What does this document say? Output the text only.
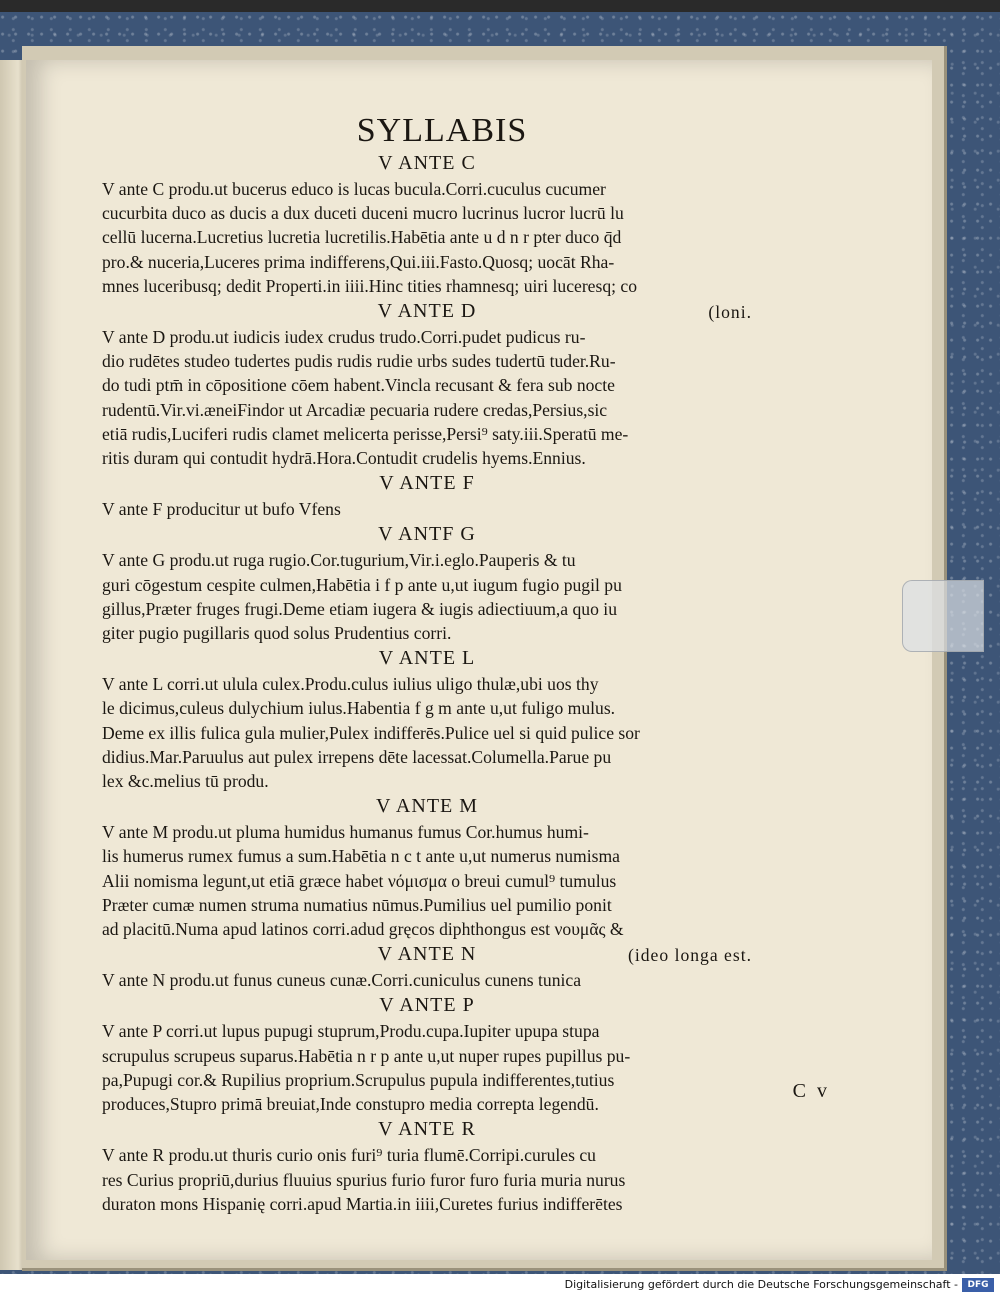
SYLLABIS
V ANTE C
V ante C produ.ut bucerus educo is lucas bucula.Corri.cuculus cucumer
cucurbita duco as ducis a dux duceti duceni mucro lucrinus lucror lucrū lu
cellū lucerna.Lucretius lucretia lucretilis.Habētia ante u d n r pter duco q̄d
pro.& nuceria,Luceres prima indifferens,Qui.iii.Fasto.Quosq; uocāt Rha-
mnes luceribusq; dedit Properti.in iiii.Hinc tities rhamnesq; uiri luceresq; co
V ANTE D	(loni.
V ante D produ.ut iudicis iudex crudus trudo.Corri.pudet pudicus ru-
dio rudētes studeo tudertes pudis rudis rudie urbs sudes tudertū tuder.Ru-
do tudi ptm̄ in cōpositione cōem habent.Vincla recusant & fera sub nocte
rudentū.Vir.vi.æneiFindor ut Arcadiæ pecuaria rudere credas,Persius,sic
etiā rudis,Luciferi rudis clamet melicerta perisse,Persi⁹ saty.iii.Speratū me-
ritis duram qui contudit hydrā.Hora.Contudit crudelis hyems.Ennius.
V ANTE F
V ante F producitur ut bufo Vfens
V ANTF G
V ante G produ.ut ruga rugio.Cor.tugurium,Vir.i.eglo.Pauperis & tu
guri cōgestum cespite culmen,Habētia i f p ante u,ut iugum fugio pugil pu
gillus,Præter fruges frugi.Deme etiam iugera & iugis adiectiuum,a quo iu
giter pugio pugillaris quod solus Prudentius corri.
V ANTE L
V ante L corri.ut ulula culex.Produ.culus iulius uligo thulæ,ubi uos thy
le dicimus,culeus dulychium iulus.Habentia f g m ante u,ut fuligo mulus.
Deme ex illis fulica gula mulier,Pulex indifferēs.Pulice uel si quid pulice sor
didius.Mar.Paruulus aut pulex irrepens dēte lacessat.Columella.Parue pu
lex &c.melius tū produ.
V ANTE M
V ante M produ.ut pluma humidus humanus fumus Cor.humus humi-
lis humerus rumex fumus a sum.Habētia n c t ante u,ut numerus numisma
Alii nomisma legunt,ut etiā græce habet νόμισμα o breui cumul⁹ tumulus
Præter cumæ numen struma numatius nūmus.Pumilius uel pumilio ponit
ad placitū.Numa apud latinos corri.adud gręcos diphthongus est νουμᾶς &
V ANTE N	(ideo longa est.
V ante N produ.ut funus cuneus cunæ.Corri.cuniculus cunens tunica
V ANTE P
V ante P corri.ut lupus pupugi stuprum,Produ.cupa.Iupiter upupa stupa
scrupulus scrupeus suparus.Habētia n r p ante u,ut nuper rupes pupillus pu-
pa,Pupugi cor.& Rupilius proprium.Scrupulus pupula indifferentes,tutius
produces,Stupro primā breuiat,Inde constupro media correpta legendū.
V ANTE R
V ante R produ.ut thuris curio onis furi⁹ turia flumē.Corripi.curules cu
res Curius propriū,durius fluuius spurius furio furor furo furia muria nurus
duraton mons Hispanię corri.apud Martia.in iiii,Curetes furius indifferētes
C v
Digitalisierung gefördert durch die Deutsche Forschungsgemeinschaft -	DFG
